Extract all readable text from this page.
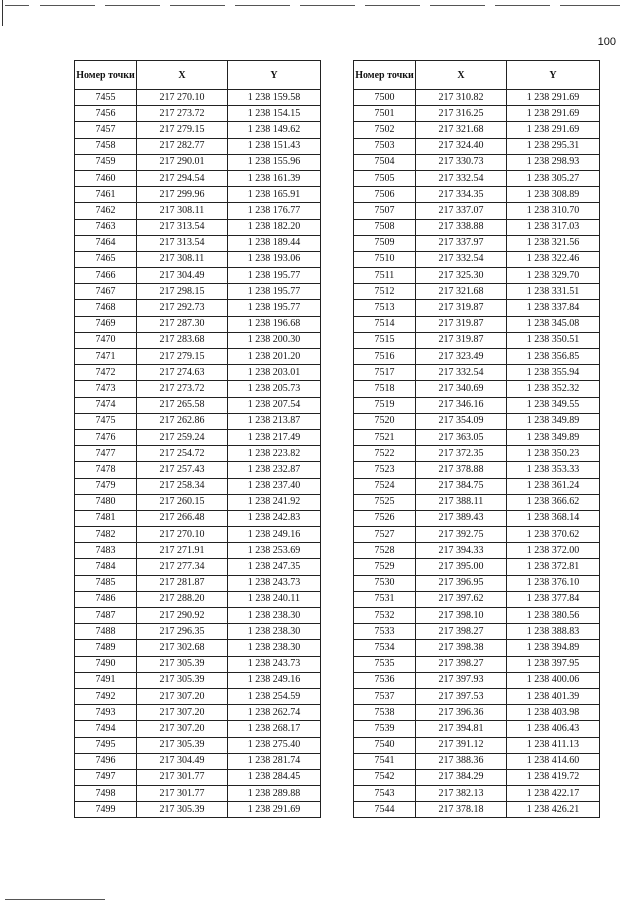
100
Номер точки	X	Y
7455	217 270.10	1 238 159.58
7456	217 273.72	1 238 154.15
7457	217 279.15	1 238 149.62
7458	217 282.77	1 238 151.43
7459	217 290.01	1 238 155.96
7460	217 294.54	1 238 161.39
7461	217 299.96	1 238 165.91
7462	217 308.11	1 238 176.77
7463	217 313.54	1 238 182.20
7464	217 313.54	1 238 189.44
7465	217 308.11	1 238 193.06
7466	217 304.49	1 238 195.77
7467	217 298.15	1 238 195.77
7468	217 292.73	1 238 195.77
7469	217 287.30	1 238 196.68
7470	217 283.68	1 238 200.30
7471	217 279.15	1 238 201.20
7472	217 274.63	1 238 203.01
7473	217 273.72	1 238 205.73
7474	217 265.58	1 238 207.54
7475	217 262.86	1 238 213.87
7476	217 259.24	1 238 217.49
7477	217 254.72	1 238 223.82
7478	217 257.43	1 238 232.87
7479	217 258.34	1 238 237.40
7480	217 260.15	1 238 241.92
7481	217 266.48	1 238 242.83
7482	217 270.10	1 238 249.16
7483	217 271.91	1 238 253.69
7484	217 277.34	1 238 247.35
7485	217 281.87	1 238 243.73
7486	217 288.20	1 238 240.11
7487	217 290.92	1 238 238.30
7488	217 296.35	1 238 238.30
7489	217 302.68	1 238 238.30
7490	217 305.39	1 238 243.73
7491	217 305.39	1 238 249.16
7492	217 307.20	1 238 254.59
7493	217 307.20	1 238 262.74
7494	217 307.20	1 238 268.17
7495	217 305.39	1 238 275.40
7496	217 304.49	1 238 281.74
7497	217 301.77	1 238 284.45
7498	217 301.77	1 238 289.88
7499	217 305.39	1 238 291.69
Номер точки	X	Y
7500	217 310.82	1 238 291.69
7501	217 316.25	1 238 291.69
7502	217 321.68	1 238 291.69
7503	217 324.40	1 238 295.31
7504	217 330.73	1 238 298.93
7505	217 332.54	1 238 305.27
7506	217 334.35	1 238 308.89
7507	217 337.07	1 238 310.70
7508	217 338.88	1 238 317.03
7509	217 337.97	1 238 321.56
7510	217 332.54	1 238 322.46
7511	217 325.30	1 238 329.70
7512	217 321.68	1 238 331.51
7513	217 319.87	1 238 337.84
7514	217 319.87	1 238 345.08
7515	217 319.87	1 238 350.51
7516	217 323.49	1 238 356.85
7517	217 332.54	1 238 355.94
7518	217 340.69	1 238 352.32
7519	217 346.16	1 238 349.55
7520	217 354.09	1 238 349.89
7521	217 363.05	1 238 349.89
7522	217 372.35	1 238 350.23
7523	217 378.88	1 238 353.33
7524	217 384.75	1 238 361.24
7525	217 388.11	1 238 366.62
7526	217 389.43	1 238 368.14
7527	217 392.75	1 238 370.62
7528	217 394.33	1 238 372.00
7529	217 395.00	1 238 372.81
7530	217 396.95	1 238 376.10
7531	217 397.62	1 238 377.84
7532	217 398.10	1 238 380.56
7533	217 398.27	1 238 388.83
7534	217 398.38	1 238 394.89
7535	217 398.27	1 238 397.95
7536	217 397.93	1 238 400.06
7537	217 397.53	1 238 401.39
7538	217 396.36	1 238 403.98
7539	217 394.81	1 238 406.43
7540	217 391.12	1 238 411.13
7541	217 388.36	1 238 414.60
7542	217 384.29	1 238 419.72
7543	217 382.13	1 238 422.17
7544	217 378.18	1 238 426.21
